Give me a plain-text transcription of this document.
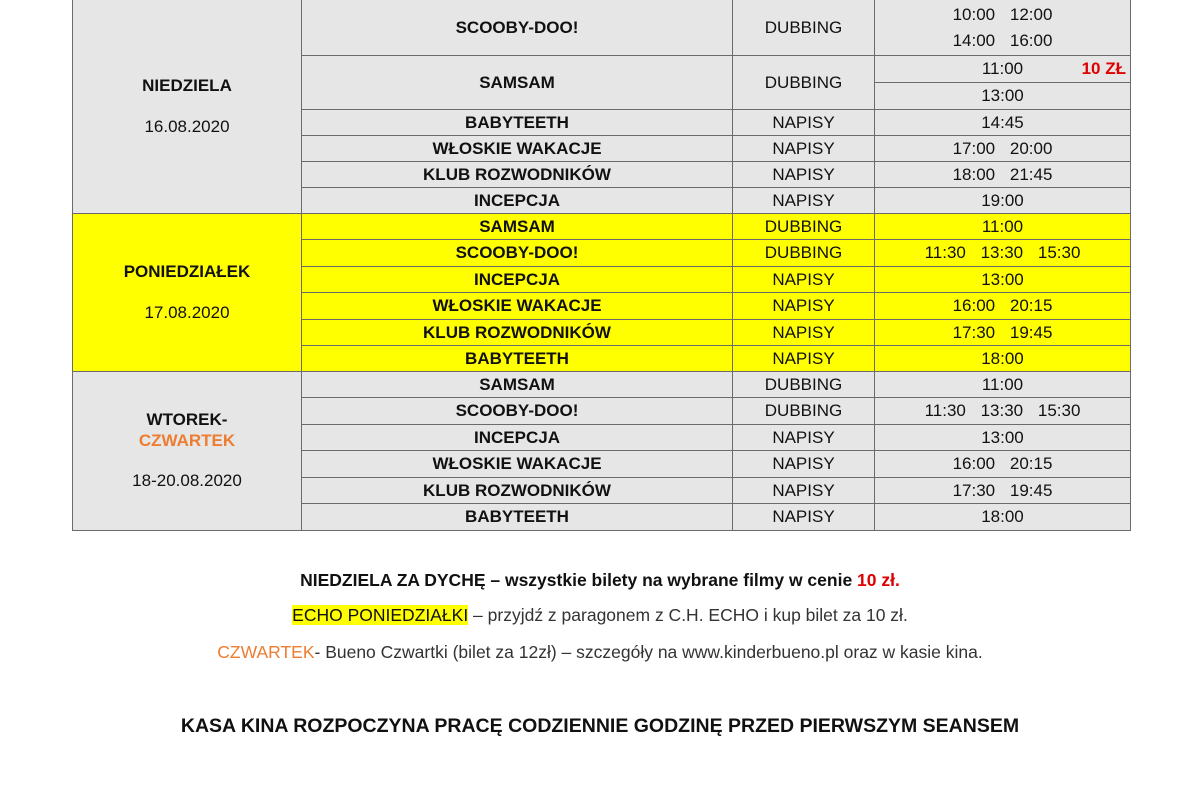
NIEDZIELA

16.08.2020	SCOOBY-DOO!	DUBBING	10:00 12:00
14:00 16:00
	SAMSAM	DUBBING	11:00 10 ZŁ

			13:00
	BABYTEETH	NAPISY	14:45
	WŁOSKIE WAKACJE	NAPISY	17:00 20:00
	KLUB ROZWODNIKÓW	NAPISY	18:00 21:45
	INCEPCJA	NAPISY	19:00

PONIEDZIAŁEK

17.08.2020	SAMSAM	DUBBING	11:00
	SCOOBY-DOO!	DUBBING	11:30 13:30 15:30
	INCEPCJA	NAPISY	13:00
	WŁOSKIE WAKACJE	NAPISY	16:00 20:15
	KLUB ROZWODNIKÓW	NAPISY	17:30 19:45
	BABYTEETH	NAPISY	18:00
WTOREK-
CZWARTEK

18-20.08.2020	SAMSAM	DUBBING	11:00
	SCOOBY-DOO!	DUBBING	11:30 13:30 15:30
	INCEPCJA	NAPISY	13:00
	WŁOSKIE WAKACJE	NAPISY	16:00 20:15
	KLUB ROZWODNIKÓW	NAPISY	17:30 19:45
	BABYTEETH	NAPISY	18:00
NIEDZIELA ZA DYCHĘ – wszystkie bilety na wybrane filmy w cenie 10 zł.
ECHO PONIEDZIAŁKI – przyjdź z paragonem z C.H. ECHO i kup bilet za 10 zł.
CZWARTEK- Bueno Czwartki (bilet za 12zł) – szczegóły na www.kinderbueno.pl oraz w kasie kina.
KASA KINA ROZPOCZYNA PRACĘ CODZIENNIE GODZINĘ PRZED PIERWSZYM SEANSEM
